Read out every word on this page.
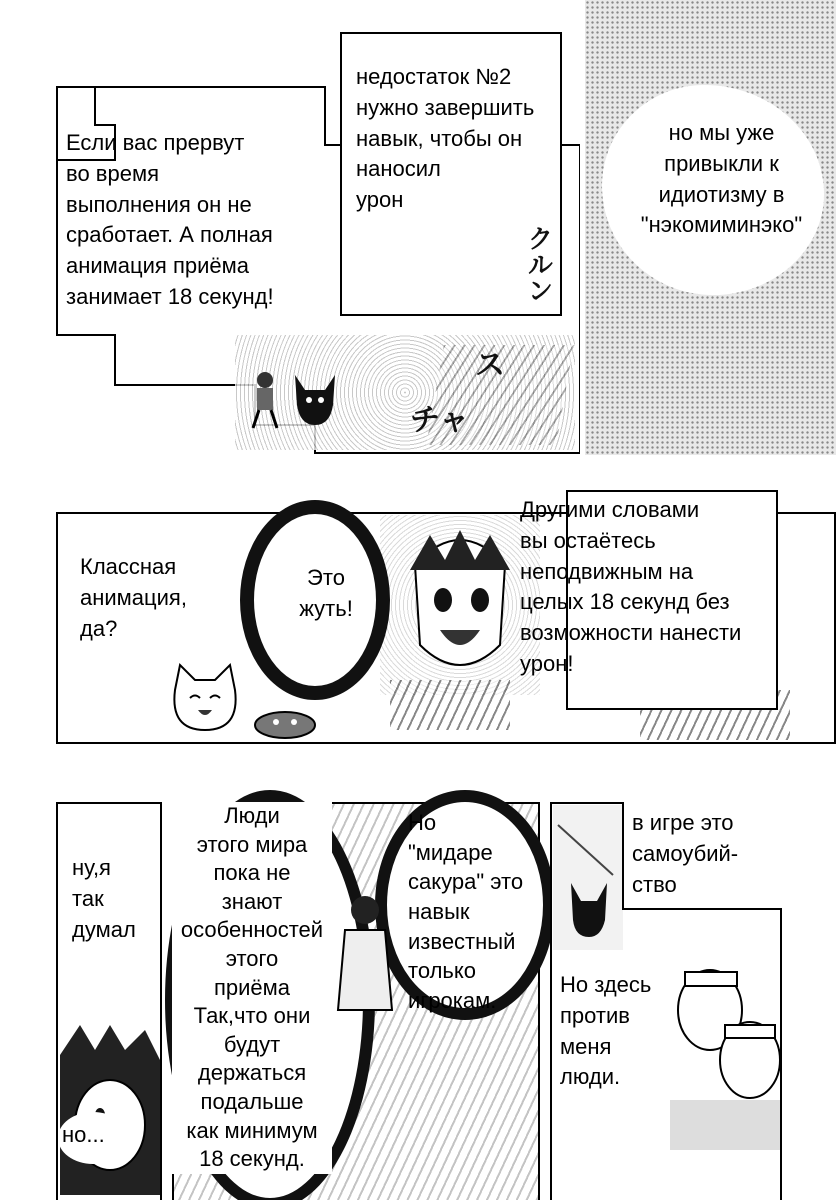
ス
チャ
Если вас прервут
во время
выполнения он не
сработает. А полная
анимация приёма
занимает 18 секунд!
недостаток №2
нужно завершить
навык, чтобы он
наносил
урон
クルン
но мы уже
привыкли к
идиотизму в
"нэкомиминэко"
Это
жуть!
Классная
анимация,
да?
Другими словами
вы остаётесь
неподвижным на
целых 18 секунд без
возможности нанести
урон!
ну,я
так
думал
но...
Люди
этого мира
пока не
знают
особенностей
этого
приёма
Так,что они
будут
держаться
подальше
как минимум
18 секунд.
Но
"мидаре
сакура" это
навык
известный
только
игрокам.
в игре это
самоубий-
ство
Но здесь
против
меня
люди.
